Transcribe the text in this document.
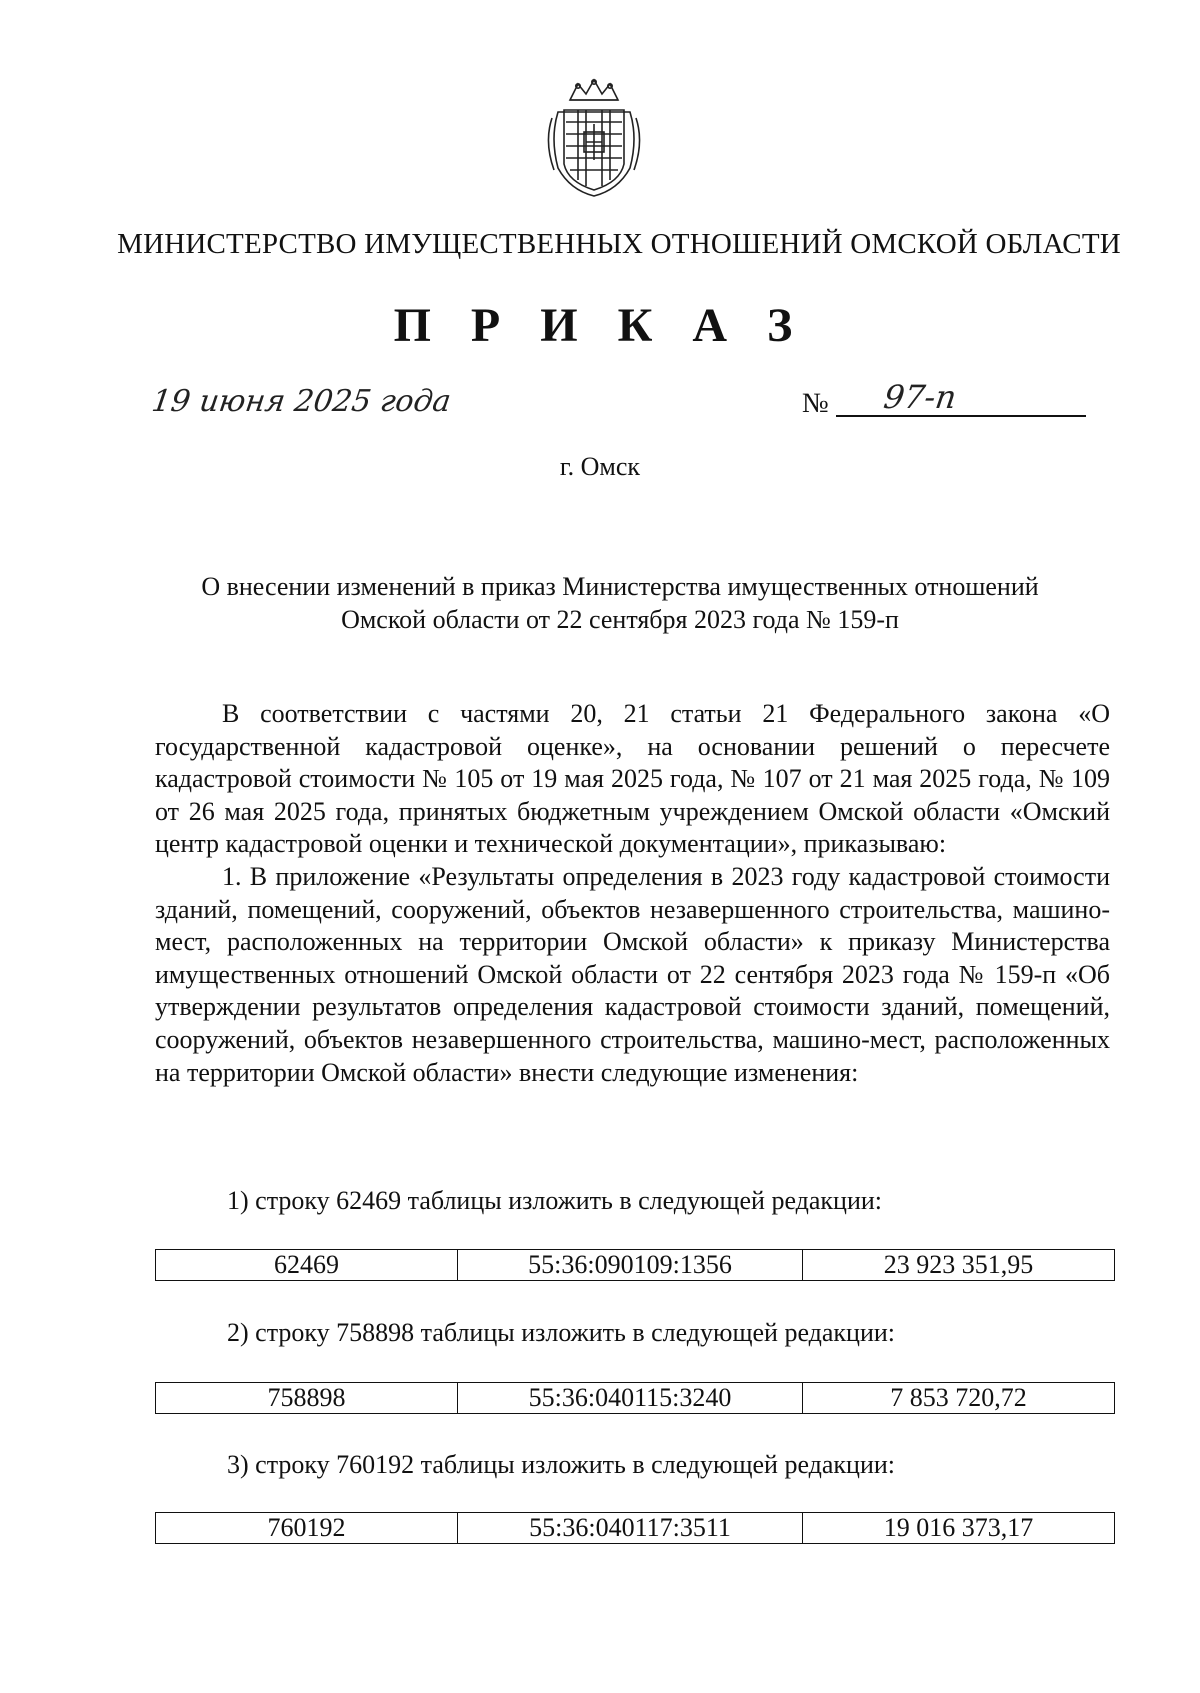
МИНИСТЕРСТВО ИМУЩЕСТВЕННЫХ ОТНОШЕНИЙ ОМСКОЙ ОБЛАСТИ
П Р И К А З
19 июня 2025 года	№ 97-п
г. Омск
О внесении изменений в приказ Министерства имущественных отношений
Омской области от 22 сентября 2023 года № 159-п

В соответствии с частями 20, 21 статьи 21 Федерального закона «О государственной кадастровой оценке», на основании решений о пересчете кадастровой стоимости № 105 от 19 мая 2025 года, № 107 от 21 мая 2025 года, № 109 от 26 мая 2025 года, принятых бюджетным учреждением Омской области «Омский центр кадастровой оценки и технической документации», приказываю:

1. В приложение «Результаты определения в 2023 году кадастровой стоимости зданий, помещений, сооружений, объектов незавершенного строительства, машино-мест, расположенных на территории Омской области» к приказу Министерства имущественных отношений Омской области от 22 сентября 2023 года № 159-п «Об утверждении результатов определения кадастровой стоимости зданий, помещений, сооружений, объектов незавершенного строительства, машино-мест, расположенных на территории Омской области» внести следующие изменения:

1) строку 62469 таблицы изложить в следующей редакции:
62469	55:36:090109:1356	23 923 351,95
2) строку 758898 таблицы изложить в следующей редакции:
758898	55:36:040115:3240	7 853 720,72
3) строку 760192 таблицы изложить в следующей редакции:
760192	55:36:040117:3511	19 016 373,17
